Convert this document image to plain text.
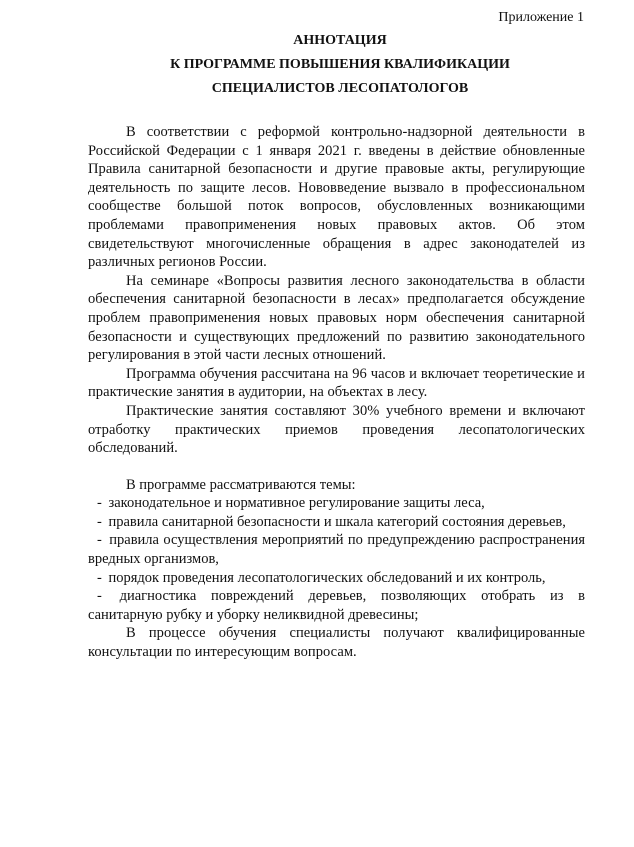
Приложение 1
АННОТАЦИЯ
К ПРОГРАММЕ ПОВЫШЕНИЯ КВАЛИФИКАЦИИ
СПЕЦИАЛИСТОВ ЛЕСОПАТОЛОГОВ

В соответствии с реформой контрольно-надзорной деятельности в Российской Федерации с 1 января 2021 г. введены в действие обновленные Правила санитарной безопасности и другие правовые акты, регулирующие деятельность по защите лесов. Нововведение вызвало в профессиональном сообществе большой поток вопросов, обусловленных возникающими проблемами правоприменения новых правовых актов. Об этом свидетельствуют многочисленные обращения в адрес законодателей из различных регионов России.

На семинаре «Вопросы развития лесного законодательства в области обеспечения санитарной безопасности в лесах» предполагается обсуждение проблем правоприменения новых правовых норм обеспечения санитарной безопасности и существующих предложений по развитию законодательного регулирования в этой части лесных отношений.

Программа обучения рассчитана на 96 часов и включает теоретические и практические занятия в аудитории, на объектах в лесу.

Практические занятия составляют 30% учебного времени и включают отработку практических приемов проведения лесопатологических обследований.

В программе рассматриваются темы:

- законодательное и нормативное регулирование защиты леса,

- правила санитарной безопасности и шкала категорий состояния деревьев,

- правила осуществления мероприятий по предупреждению распространения вредных организмов,

- порядок проведения лесопатологических обследований и их контроль,

- диагностика повреждений деревьев, позволяющих отобрать из в санитарную рубку и уборку неликвидной древесины;

В процессе обучения специалисты получают квалифицированные консультации по интересующим вопросам.
